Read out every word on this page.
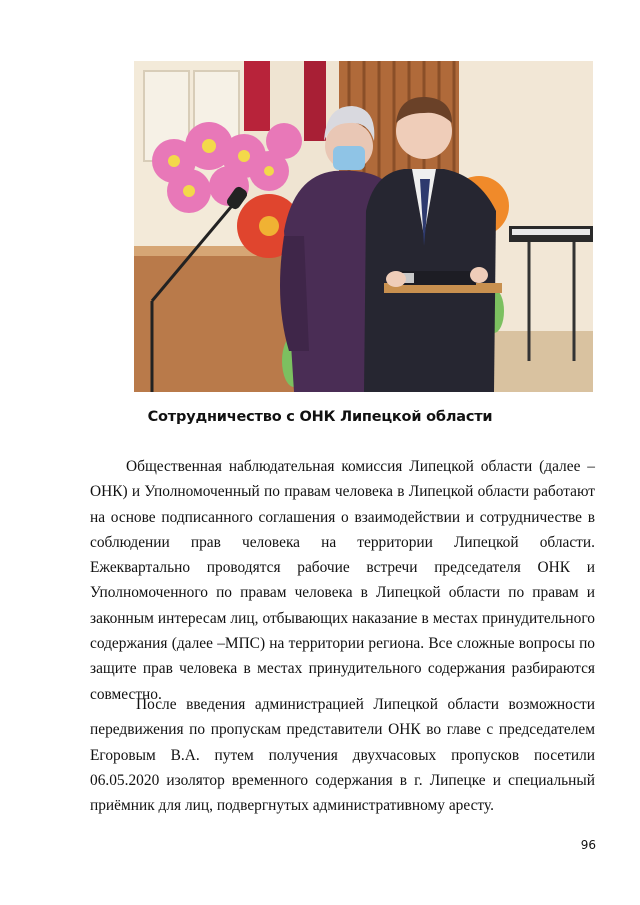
Сотрудничество с ОНК Липецкой области

Общественная наблюдательная комиссия Липецкой области (далее – ОНК) и Уполномоченный по правам человека в Липецкой области работают на основе подписанного соглашения о взаимодействии и сотрудничестве в соблюдении прав человека на территории Липецкой области. Ежеквартально проводятся рабочие встречи председателя ОНК и Уполномоченного по правам человека в Липецкой области по правам и законным интересам лиц, отбывающих наказание в местах принудительного содержания (далее –МПС) на территории региона. Все сложные вопросы по защите прав человека в местах принудительного содержания разбираются совместно.

После введения администрацией Липецкой области возможности передвижения по пропускам представители ОНК во главе с председателем Егоровым В.А. путем получения двухчасовых пропусков посетили 06.05.2020 изолятор временного содержания в г. Липецке и специальный приёмник для лиц, подвергнутых административному аресту.

96
